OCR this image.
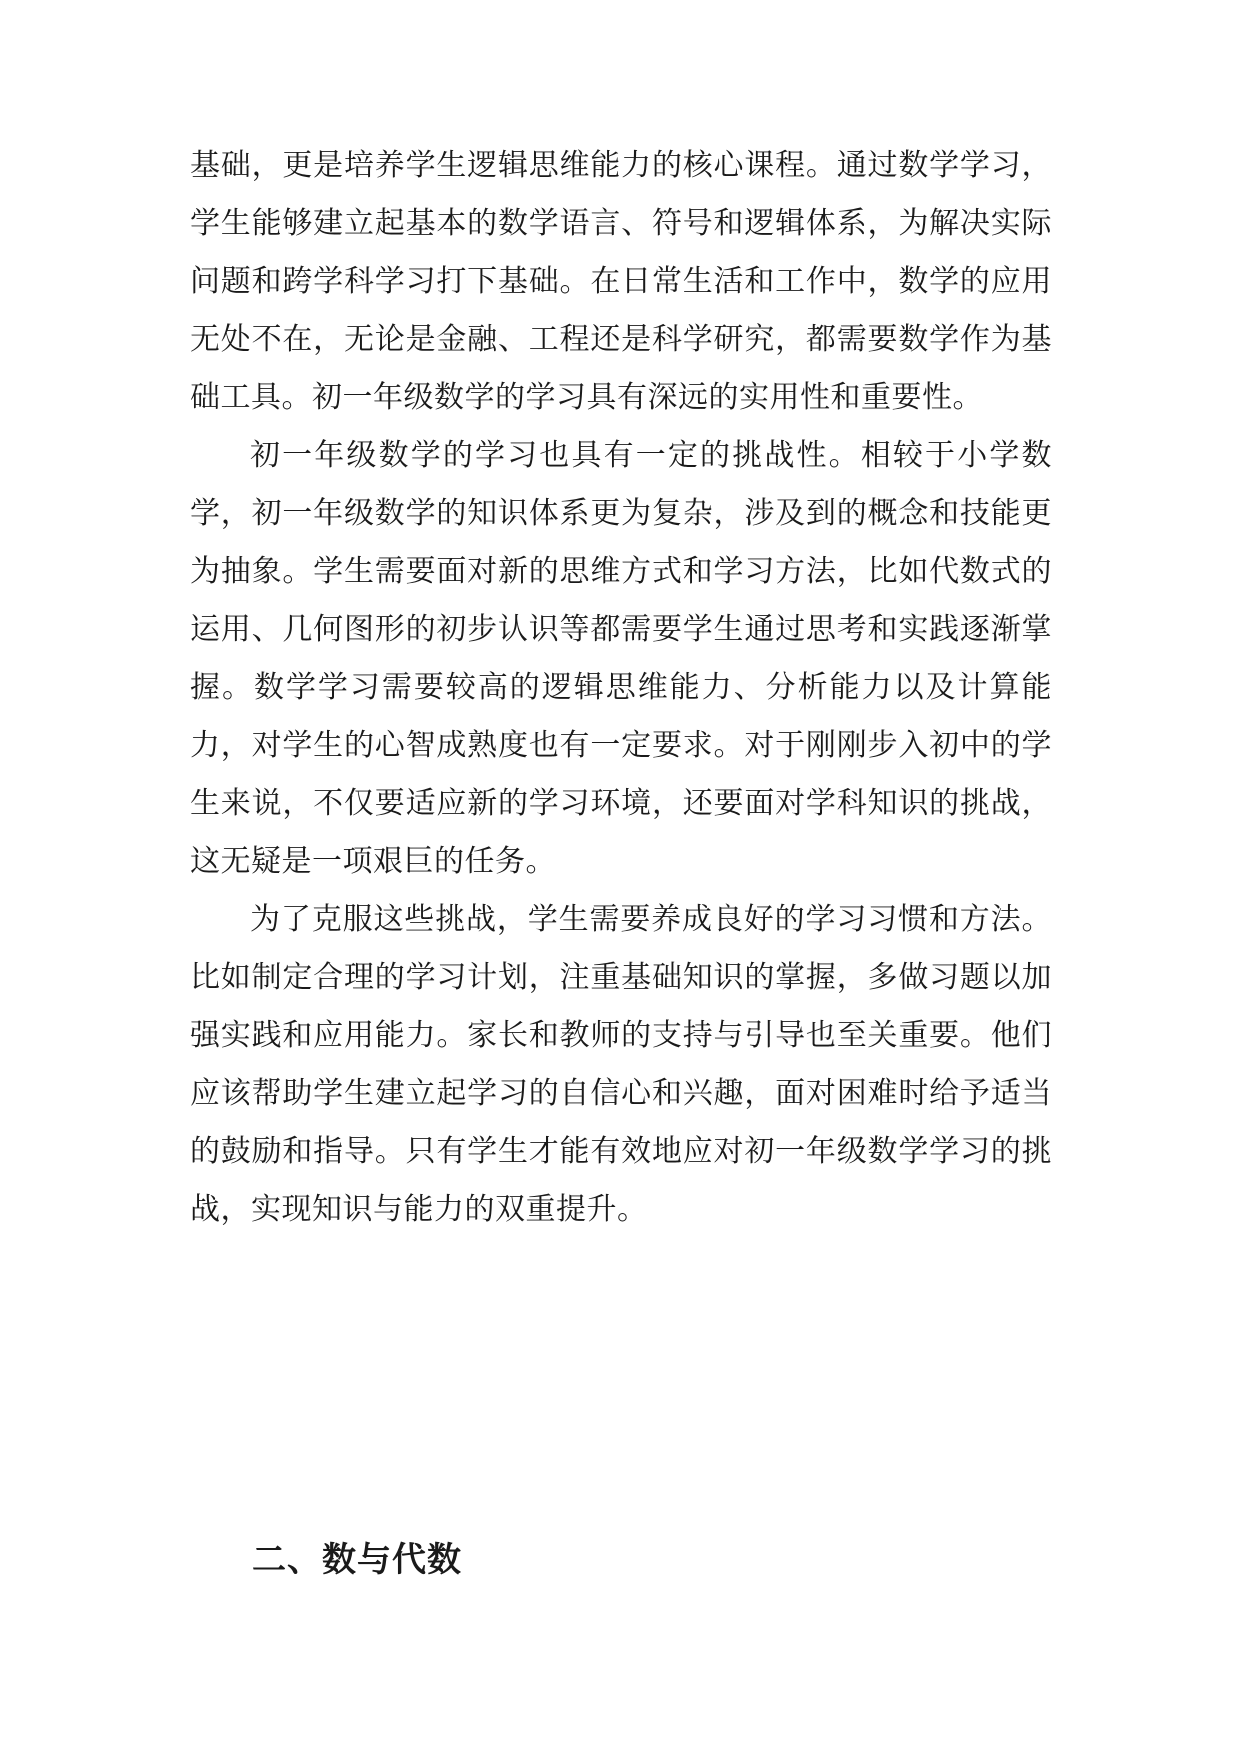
基础，更是培养学生逻辑思维能力的核心课程。通过数学学习，学生能够建立起基本的数学语言、符号和逻辑体系，为解决实际问题和跨学科学习打下基础。在日常生活和工作中，数学的应用无处不在，无论是金融、工程还是科学研究，都需要数学作为基础工具。初一年级数学的学习具有深远的实用性和重要性。

初一年级数学的学习也具有一定的挑战性。相较于小学数学，初一年级数学的知识体系更为复杂，涉及到的概念和技能更为抽象。学生需要面对新的思维方式和学习方法，比如代数式的运用、几何图形的初步认识等都需要学生通过思考和实践逐渐掌握。数学学习需要较高的逻辑思维能力、分析能力以及计算能力，对学生的心智成熟度也有一定要求。对于刚刚步入初中的学生来说，不仅要适应新的学习环境，还要面对学科知识的挑战，这无疑是一项艰巨的任务。

为了克服这些挑战，学生需要养成良好的学习习惯和方法。比如制定合理的学习计划，注重基础知识的掌握，多做习题以加强实践和应用能力。家长和教师的支持与引导也至关重要。他们应该帮助学生建立起学习的自信心和兴趣，面对困难时给予适当的鼓励和指导。只有学生才能有效地应对初一年级数学学习的挑战，实现知识与能力的双重提升。

二、数与代数
